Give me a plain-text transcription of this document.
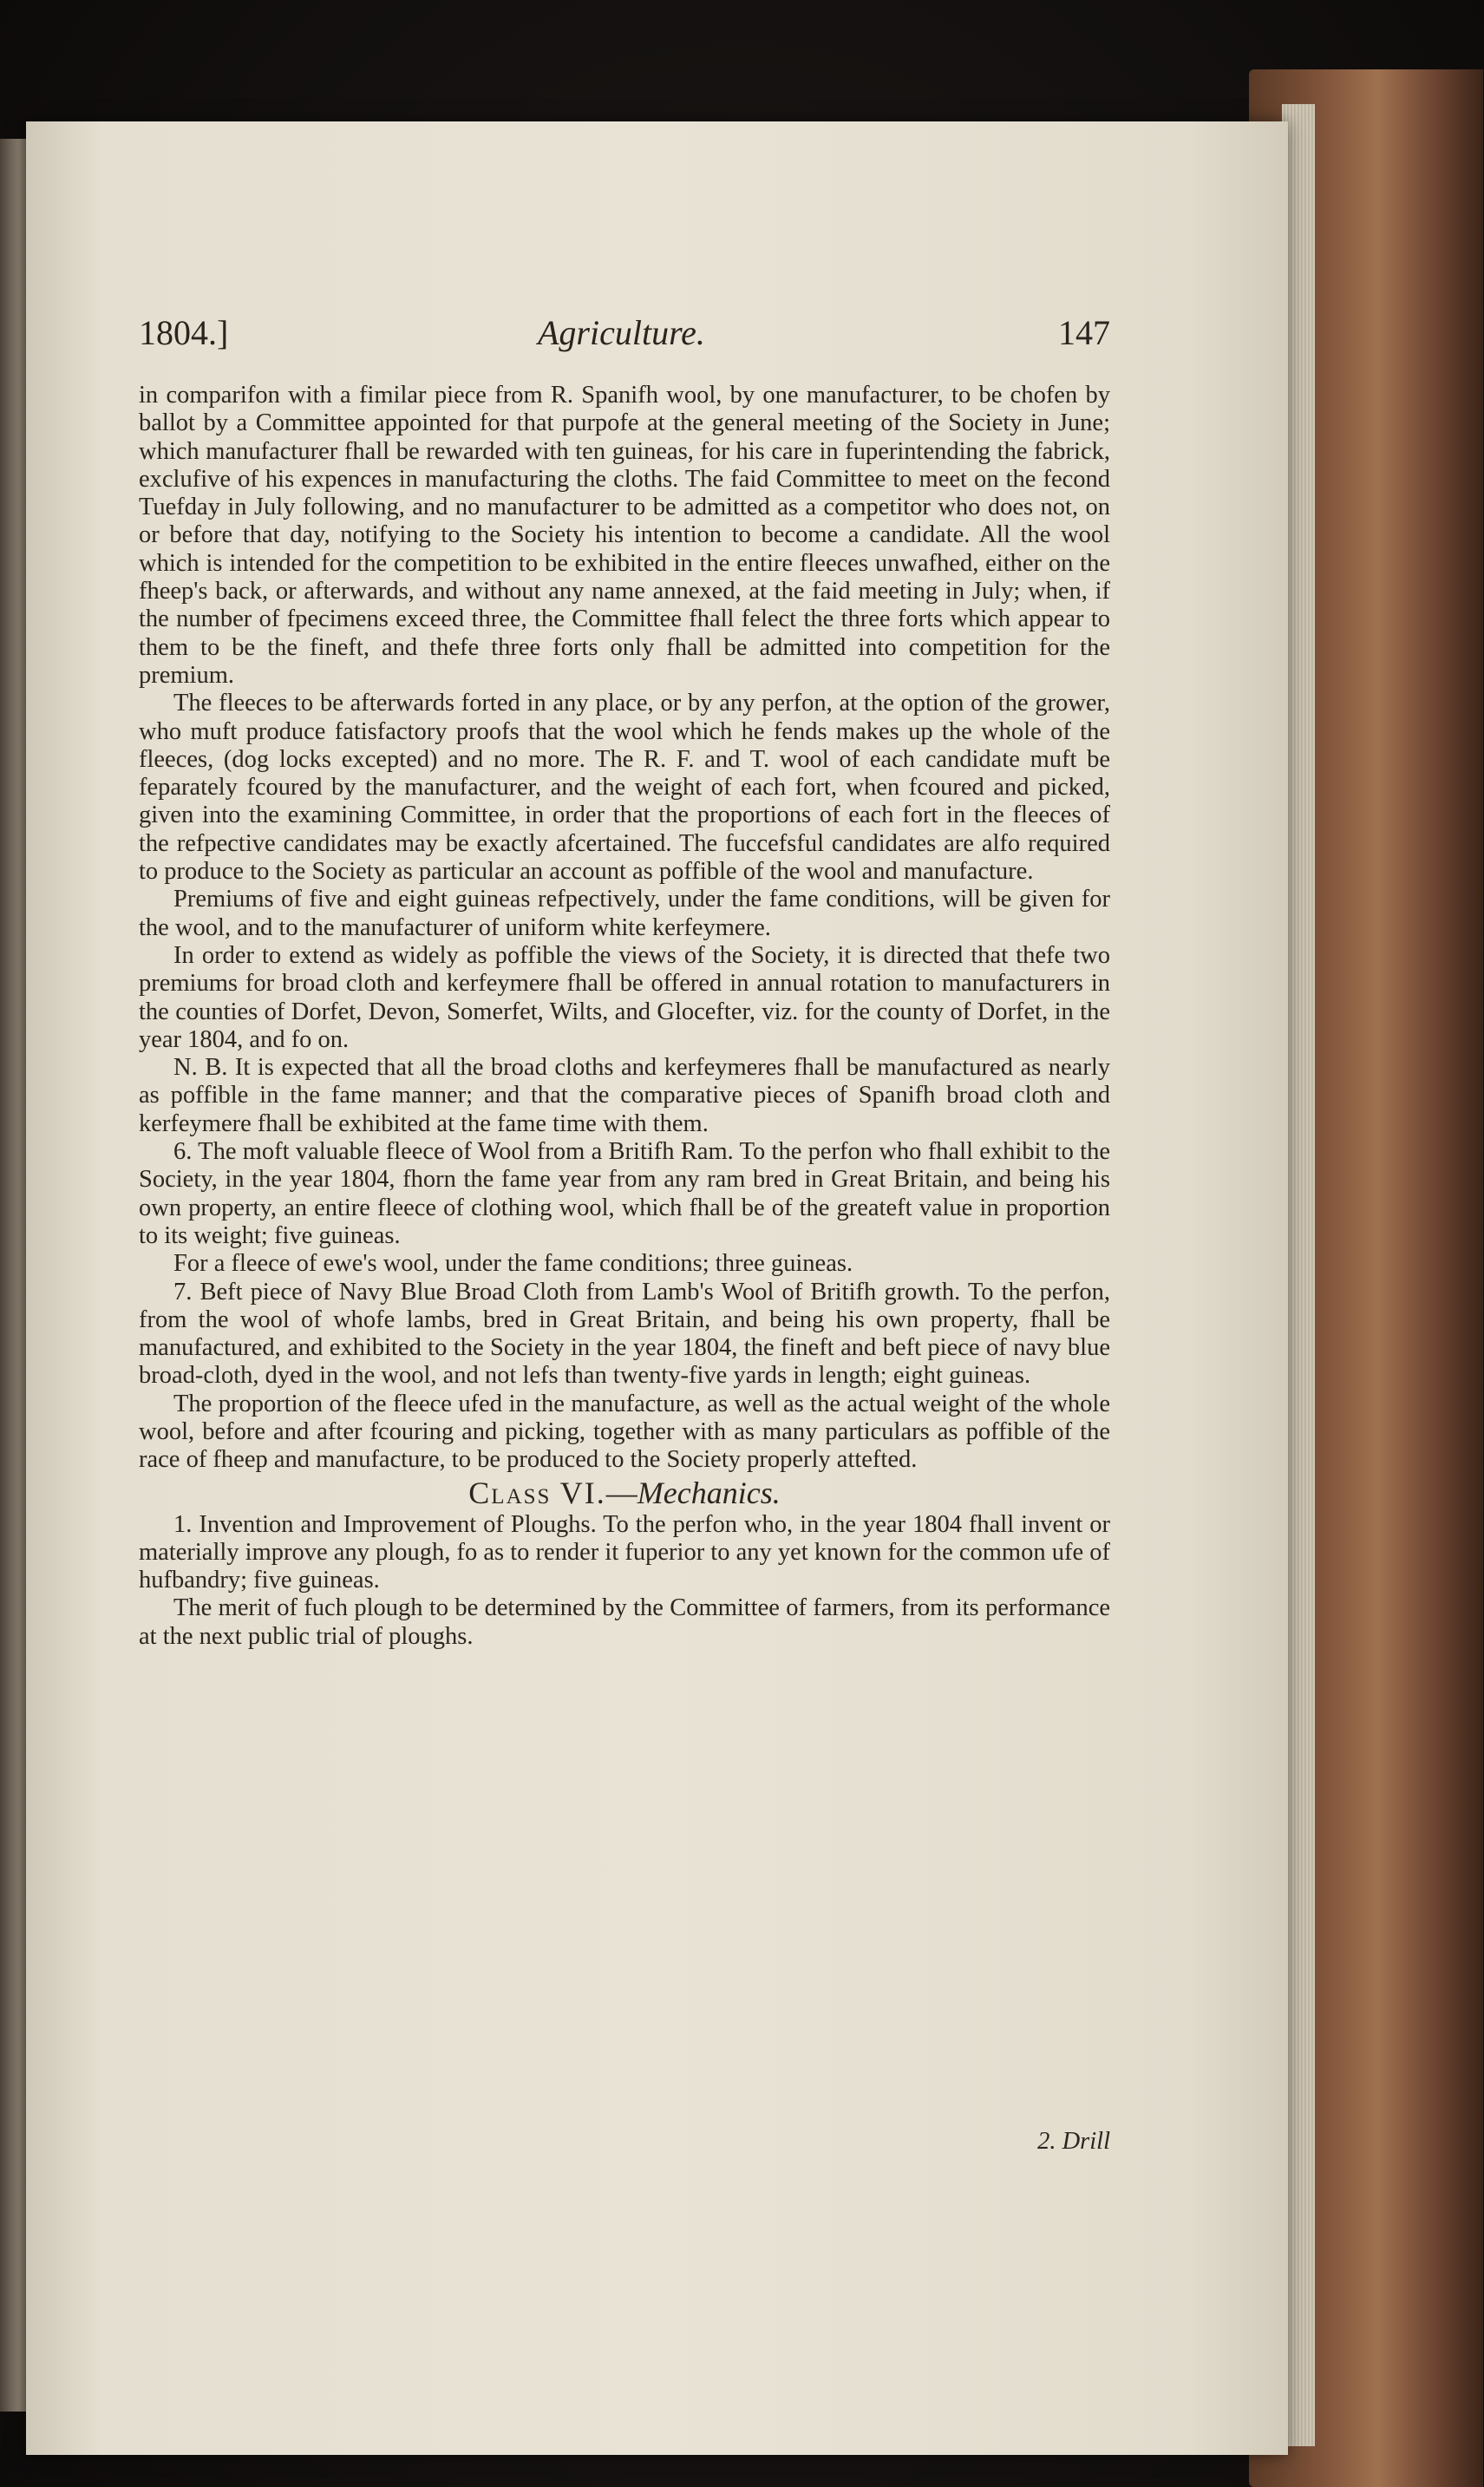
1804.]	Agriculture.	147

in comparifon with a fimilar piece from R. Spanifh wool, by one manufacturer, to be chofen by ballot by a Committee appointed for that purpofe at the general meeting of the Society in June; which manufacturer fhall be rewarded with ten guineas, for his care in fuperintending the fabrick, exclufive of his expences in manufacturing the cloths. The faid Committee to meet on the fecond Tuefday in July following, and no manufacturer to be admitted as a competitor who does not, on or before that day, notifying to the Society his intention to become a candidate. All the wool which is intended for the competition to be exhibited in the entire fleeces unwafhed, either on the fheep's back, or afterwards, and without any name annexed, at the faid meeting in July; when, if the number of fpecimens exceed three, the Committee fhall felect the three forts which appear to them to be the fineft, and thefe three forts only fhall be admitted into competition for the premium.

The fleeces to be afterwards forted in any place, or by any perfon, at the option of the grower, who muft produce fatisfactory proofs that the wool which he fends makes up the whole of the fleeces, (dog locks excepted) and no more. The R. F. and T. wool of each candidate muft be feparately fcoured by the manufacturer, and the weight of each fort, when fcoured and picked, given into the examining Committee, in order that the proportions of each fort in the fleeces of the refpective candidates may be exactly afcertained. The fuccefsful candidates are alfo required to produce to the Society as particular an account as poffible of the wool and manufacture.

Premiums of five and eight guineas refpectively, under the fame conditions, will be given for the wool, and to the manufacturer of uniform white kerfeymere.

In order to extend as widely as poffible the views of the Society, it is directed that thefe two premiums for broad cloth and kerfeymere fhall be offered in annual rotation to manufacturers in the counties of Dorfet, Devon, Somerfet, Wilts, and Glocefter, viz. for the county of Dorfet, in the year 1804, and fo on.

N. B. It is expected that all the broad cloths and kerfeymeres fhall be manufactured as nearly as poffible in the fame manner; and that the comparative pieces of Spanifh broad cloth and kerfeymere fhall be exhibited at the fame time with them.

6. The moft valuable fleece of Wool from a Britifh Ram. To the perfon who fhall exhibit to the Society, in the year 1804, fhorn the fame year from any ram bred in Great Britain, and being his own property, an entire fleece of clothing wool, which fhall be of the greateft value in proportion to its weight; five guineas.

For a fleece of ewe's wool, under the fame conditions; three guineas.

7. Beft piece of Navy Blue Broad Cloth from Lamb's Wool of Britifh growth. To the perfon, from the wool of whofe lambs, bred in Great Britain, and being his own property, fhall be manufactured, and exhibited to the Society in the year 1804, the fineft and beft piece of navy blue broad-cloth, dyed in the wool, and not lefs than twenty-five yards in length; eight guineas.

The proportion of the fleece ufed in the manufacture, as well as the actual weight of the whole wool, before and after fcouring and picking, together with as many particulars as poffible of the race of fheep and manufacture, to be produced to the Society properly attefted.

Class VI.—Mechanics.

1. Invention and Improvement of Ploughs. To the perfon who, in the year 1804 fhall invent or materially improve any plough, fo as to render it fuperior to any yet known for the common ufe of hufbandry; five guineas.

The merit of fuch plough to be determined by the Committee of farmers, from its performance at the next public trial of ploughs.

2. Drill
